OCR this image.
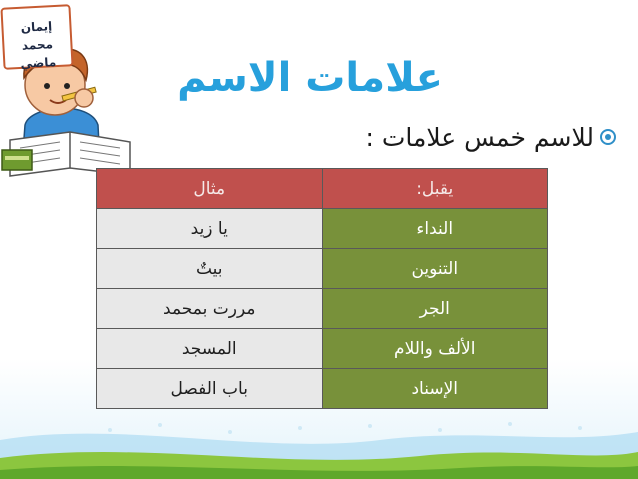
إيمان محمد ماضي	علامات الاسم
للاسم خمس علامات :
يقبل:	مثال
النداء	يا زيد
التنوين	بيتٌ
الجر	مررت بمحمد
الألف واللام	المسجد
الإسناد	باب الفصل
